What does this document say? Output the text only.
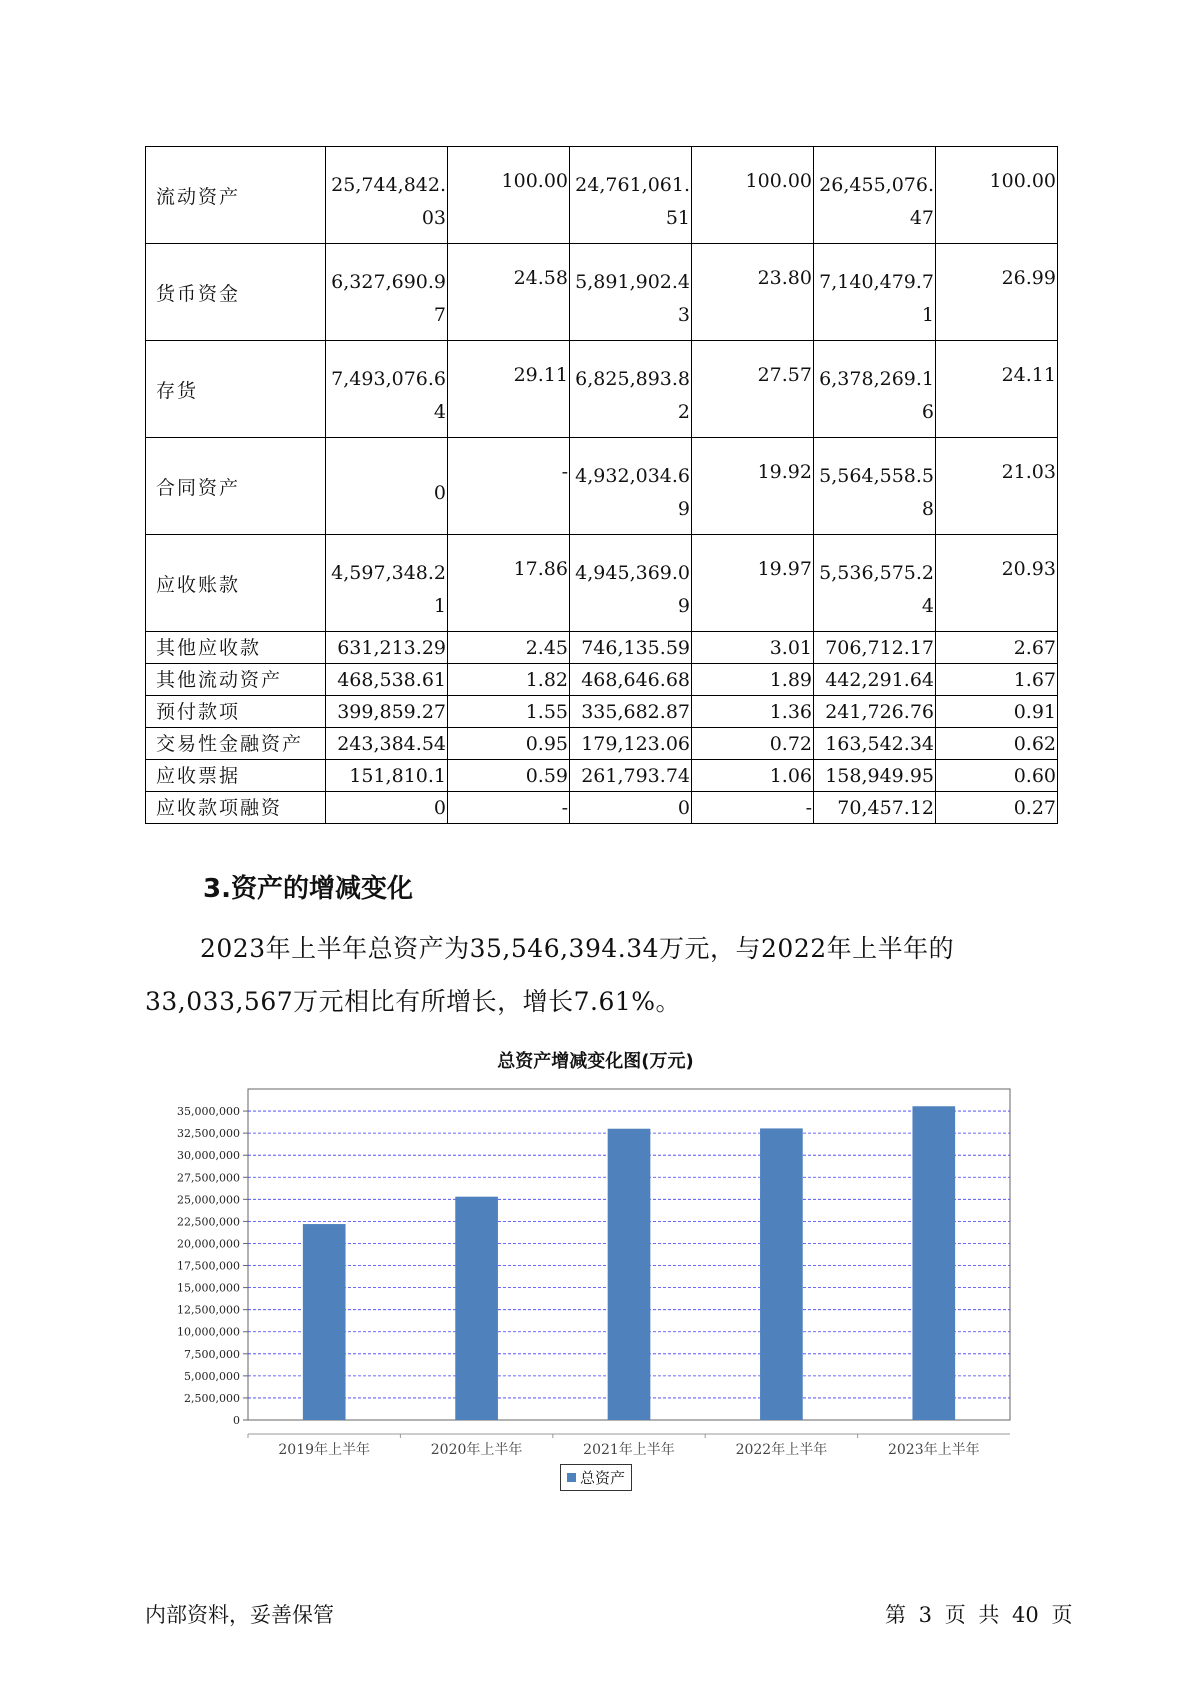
流动资产	25,744,842.03	100.00	24,761,061.51	100.00	26,455,076.47	100.00
货币资金	6,327,690.97	24.58	5,891,902.43	23.80	7,140,479.71	26.99
存货	7,493,076.64	29.11	6,825,893.82	27.57	6,378,269.16	24.11
合同资产	0	-	4,932,034.69	19.92	5,564,558.58	21.03
应收账款	4,597,348.21	17.86	4,945,369.09	19.97	5,536,575.24	20.93
其他应收款	631,213.29	2.45	746,135.59	3.01	706,712.17	2.67
其他流动资产	468,538.61	1.82	468,646.68	1.89	442,291.64	1.67
预付款项	399,859.27	1.55	335,682.87	1.36	241,726.76	0.91
交易性金融资产	243,384.54	0.95	179,123.06	0.72	163,542.34	0.62
应收票据	151,810.1	0.59	261,793.74	1.06	158,949.95	0.60
应收款项融资	0	-	0	-	70,457.12	0.27
3.资产的增减变化

2023年上半年总资产为35,546,394.34万元，与2022年上半年的33,033,567万元相比有所增长，增长7.61%。

总资产增减变化图(万元)
0
2,500,000
5,000,000
7,500,000
10,000,000
12,500,000
15,000,000
17,500,000
20,000,000
22,500,000
25,000,000
27,500,000
30,000,000
32,500,000
35,000,000
2019年上半年	2020年上半年	2021年上半年	2022年上半年	2023年上半年
总资产
内部资料，妥善保管	第 3 页 共 40 页
